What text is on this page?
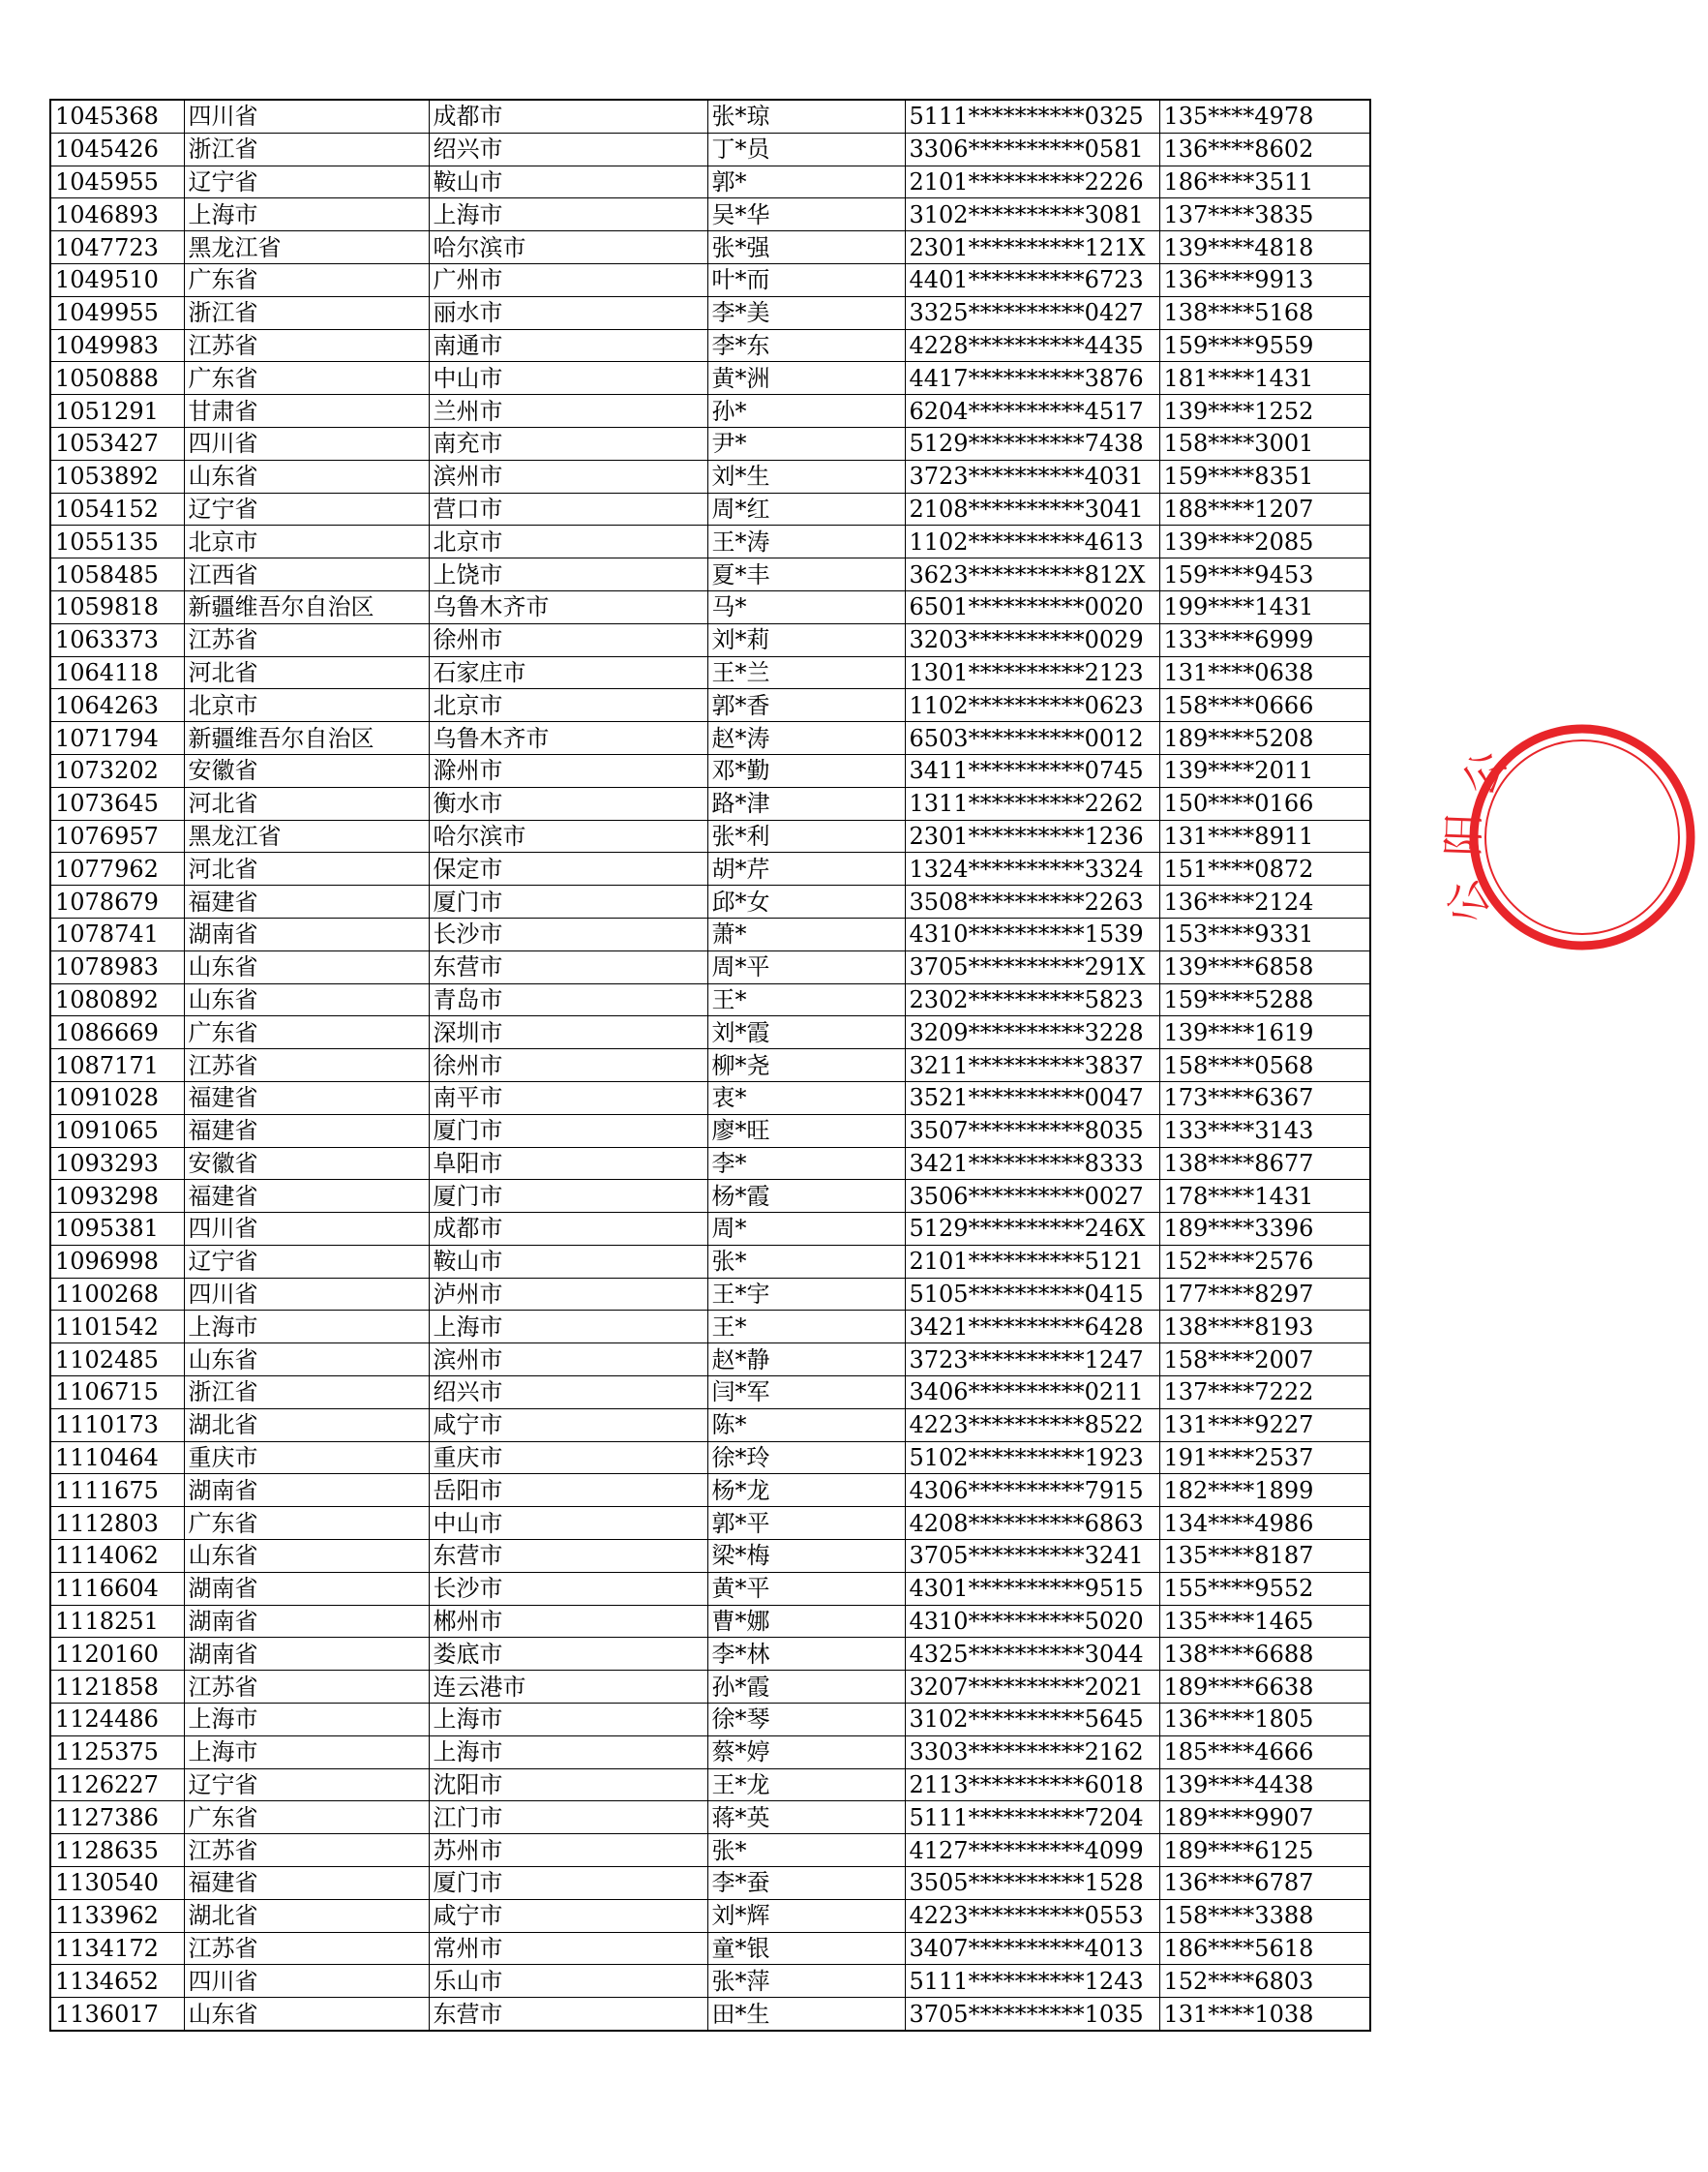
1045368	四川省	成都市	张*琼	5111**********0325	135****4978
1045426	浙江省	绍兴市	丁*员	3306**********0581	136****8602
1045955	辽宁省	鞍山市	郭*	2101**********2226	186****3511
1046893	上海市	上海市	吴*华	3102**********3081	137****3835
1047723	黑龙江省	哈尔滨市	张*强	2301**********121X	139****4818
1049510	广东省	广州市	叶*而	4401**********6723	136****9913
1049955	浙江省	丽水市	李*美	3325**********0427	138****5168
1049983	江苏省	南通市	李*东	4228**********4435	159****9559
1050888	广东省	中山市	黄*洲	4417**********3876	181****1431
1051291	甘肃省	兰州市	孙*	6204**********4517	139****1252
1053427	四川省	南充市	尹*	5129**********7438	158****3001
1053892	山东省	滨州市	刘*生	3723**********4031	159****8351
1054152	辽宁省	营口市	周*红	2108**********3041	188****1207
1055135	北京市	北京市	王*涛	1102**********4613	139****2085
1058485	江西省	上饶市	夏*丰	3623**********812X	159****9453
1059818	新疆维吾尔自治区	乌鲁木齐市	马*	6501**********0020	199****1431
1063373	江苏省	徐州市	刘*莉	3203**********0029	133****6999
1064118	河北省	石家庄市	王*兰	1301**********2123	131****0638
1064263	北京市	北京市	郭*香	1102**********0623	158****0666
1071794	新疆维吾尔自治区	乌鲁木齐市	赵*涛	6503**********0012	189****5208
1073202	安徽省	滁州市	邓*勤	3411**********0745	139****2011
1073645	河北省	衡水市	路*津	1311**********2262	150****0166
1076957	黑龙江省	哈尔滨市	张*利	2301**********1236	131****8911
1077962	河北省	保定市	胡*芹	1324**********3324	151****0872
1078679	福建省	厦门市	邱*女	3508**********2263	136****2124
1078741	湖南省	长沙市	萧*	4310**********1539	153****9331
1078983	山东省	东营市	周*平	3705**********291X	139****6858
1080892	山东省	青岛市	王*	2302**********5823	159****5288
1086669	广东省	深圳市	刘*霞	3209**********3228	139****1619
1087171	江苏省	徐州市	柳*尧	3211**********3837	158****0568
1091028	福建省	南平市	衷*	3521**********0047	173****6367
1091065	福建省	厦门市	廖*旺	3507**********8035	133****3143
1093293	安徽省	阜阳市	李*	3421**********8333	138****8677
1093298	福建省	厦门市	杨*霞	3506**********0027	178****1431
1095381	四川省	成都市	周*	5129**********246X	189****3396
1096998	辽宁省	鞍山市	张*	2101**********5121	152****2576
1100268	四川省	泸州市	王*宇	5105**********0415	177****8297
1101542	上海市	上海市	王*	3421**********6428	138****8193
1102485	山东省	滨州市	赵*静	3723**********1247	158****2007
1106715	浙江省	绍兴市	闫*军	3406**********0211	137****7222
1110173	湖北省	咸宁市	陈*	4223**********8522	131****9227
1110464	重庆市	重庆市	徐*玲	5102**********1923	191****2537
1111675	湖南省	岳阳市	杨*龙	4306**********7915	182****1899
1112803	广东省	中山市	郭*平	4208**********6863	134****4986
1114062	山东省	东营市	梁*梅	3705**********3241	135****8187
1116604	湖南省	长沙市	黄*平	4301**********9515	155****9552
1118251	湖南省	郴州市	曹*娜	4310**********5020	135****1465
1120160	湖南省	娄底市	李*林	4325**********3044	138****6688
1121858	江苏省	连云港市	孙*霞	3207**********2021	189****6638
1124486	上海市	上海市	徐*琴	3102**********5645	136****1805
1125375	上海市	上海市	蔡*婷	3303**********2162	185****4666
1126227	辽宁省	沈阳市	王*龙	2113**********6018	139****4438
1127386	广东省	江门市	蒋*英	5111**********7204	189****9907
1128635	江苏省	苏州市	张*	4127**********4099	189****6125
1130540	福建省	厦门市	李*蚕	3505**********1528	136****6787
1133962	湖北省	咸宁市	刘*辉	4223**********0553	158****3388
1134172	江苏省	常州市	童*银	3407**********4013	186****5618
1134652	四川省	乐山市	张*萍	5111**********1243	152****6803
1136017	山东省	东营市	田*生	3705**********1035	131****1038
公
阳
公
